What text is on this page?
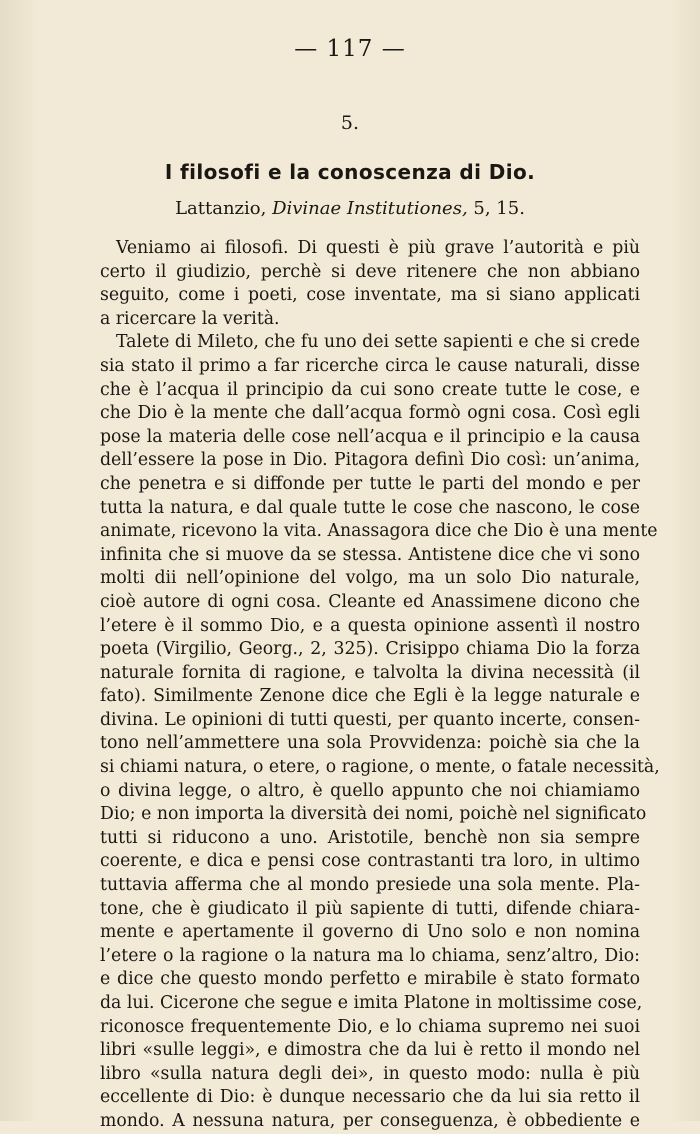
— 117 —
5.
I filosofi e la conoscenza di Dio.
Lattanzio, Divinae Institutiones, 5, 15.
Veniamo ai filosofi. Di questi è più grave l’autorità e più
certo il giudizio, perchè si deve ritenere che non abbiano
seguito, come i poeti, cose inventate, ma si siano applicati
a ricercare la verità.
Talete di Mileto, che fu uno dei sette sapienti e che si crede
sia stato il primo a far ricerche circa le cause naturali, disse
che è l’acqua il principio da cui sono create tutte le cose, e
che Dio è la mente che dall’acqua formò ogni cosa. Così egli
pose la materia delle cose nell’acqua e il principio e la causa
dell’essere la pose in Dio. Pitagora definì Dio così: un’anima,
che penetra e si diffonde per tutte le parti del mondo e per
tutta la natura, e dal quale tutte le cose che nascono, le cose
animate, ricevono la vita. Anassagora dice che Dio è una mente
infinita che si muove da se stessa. Antistene dice che vi sono
molti dii nell’opinione del volgo, ma un solo Dio naturale,
cioè autore di ogni cosa. Cleante ed Anassimene dicono che
l’etere è il sommo Dio, e a questa opinione assentì il nostro
poeta (Virgilio, Georg., 2, 325). Crisippo chiama Dio la forza
naturale fornita di ragione, e talvolta la divina necessità (il
fato). Similmente Zenone dice che Egli è la legge naturale e
divina. Le opinioni di tutti questi, per quanto incerte, consen-
tono nell’ammettere una sola Provvidenza: poichè sia che la
si chiami natura, o etere, o ragione, o mente, o fatale necessità,
o divina legge, o altro, è quello appunto che noi chiamiamo
Dio; e non importa la diversità dei nomi, poichè nel significato
tutti si riducono a uno. Aristotile, benchè non sia sempre
coerente, e dica e pensi cose contrastanti tra loro, in ultimo
tuttavia afferma che al mondo presiede una sola mente. Pla-
tone, che è giudicato il più sapiente di tutti, difende chiara-
mente e apertamente il governo di Uno solo e non nomina
l’etere o la ragione o la natura ma lo chiama, senz’altro, Dio:
e dice che questo mondo perfetto e mirabile è stato formato
da lui. Cicerone che segue e imita Platone in moltissime cose,
riconosce frequentemente Dio, e lo chiama supremo nei suoi
libri «sulle leggi», e dimostra che da lui è retto il mondo nel
libro «sulla natura degli dei», in questo modo: nulla è più
eccellente di Dio: è dunque necessario che da lui sia retto il
mondo. A nessuna natura, per conseguenza, è obbediente e
